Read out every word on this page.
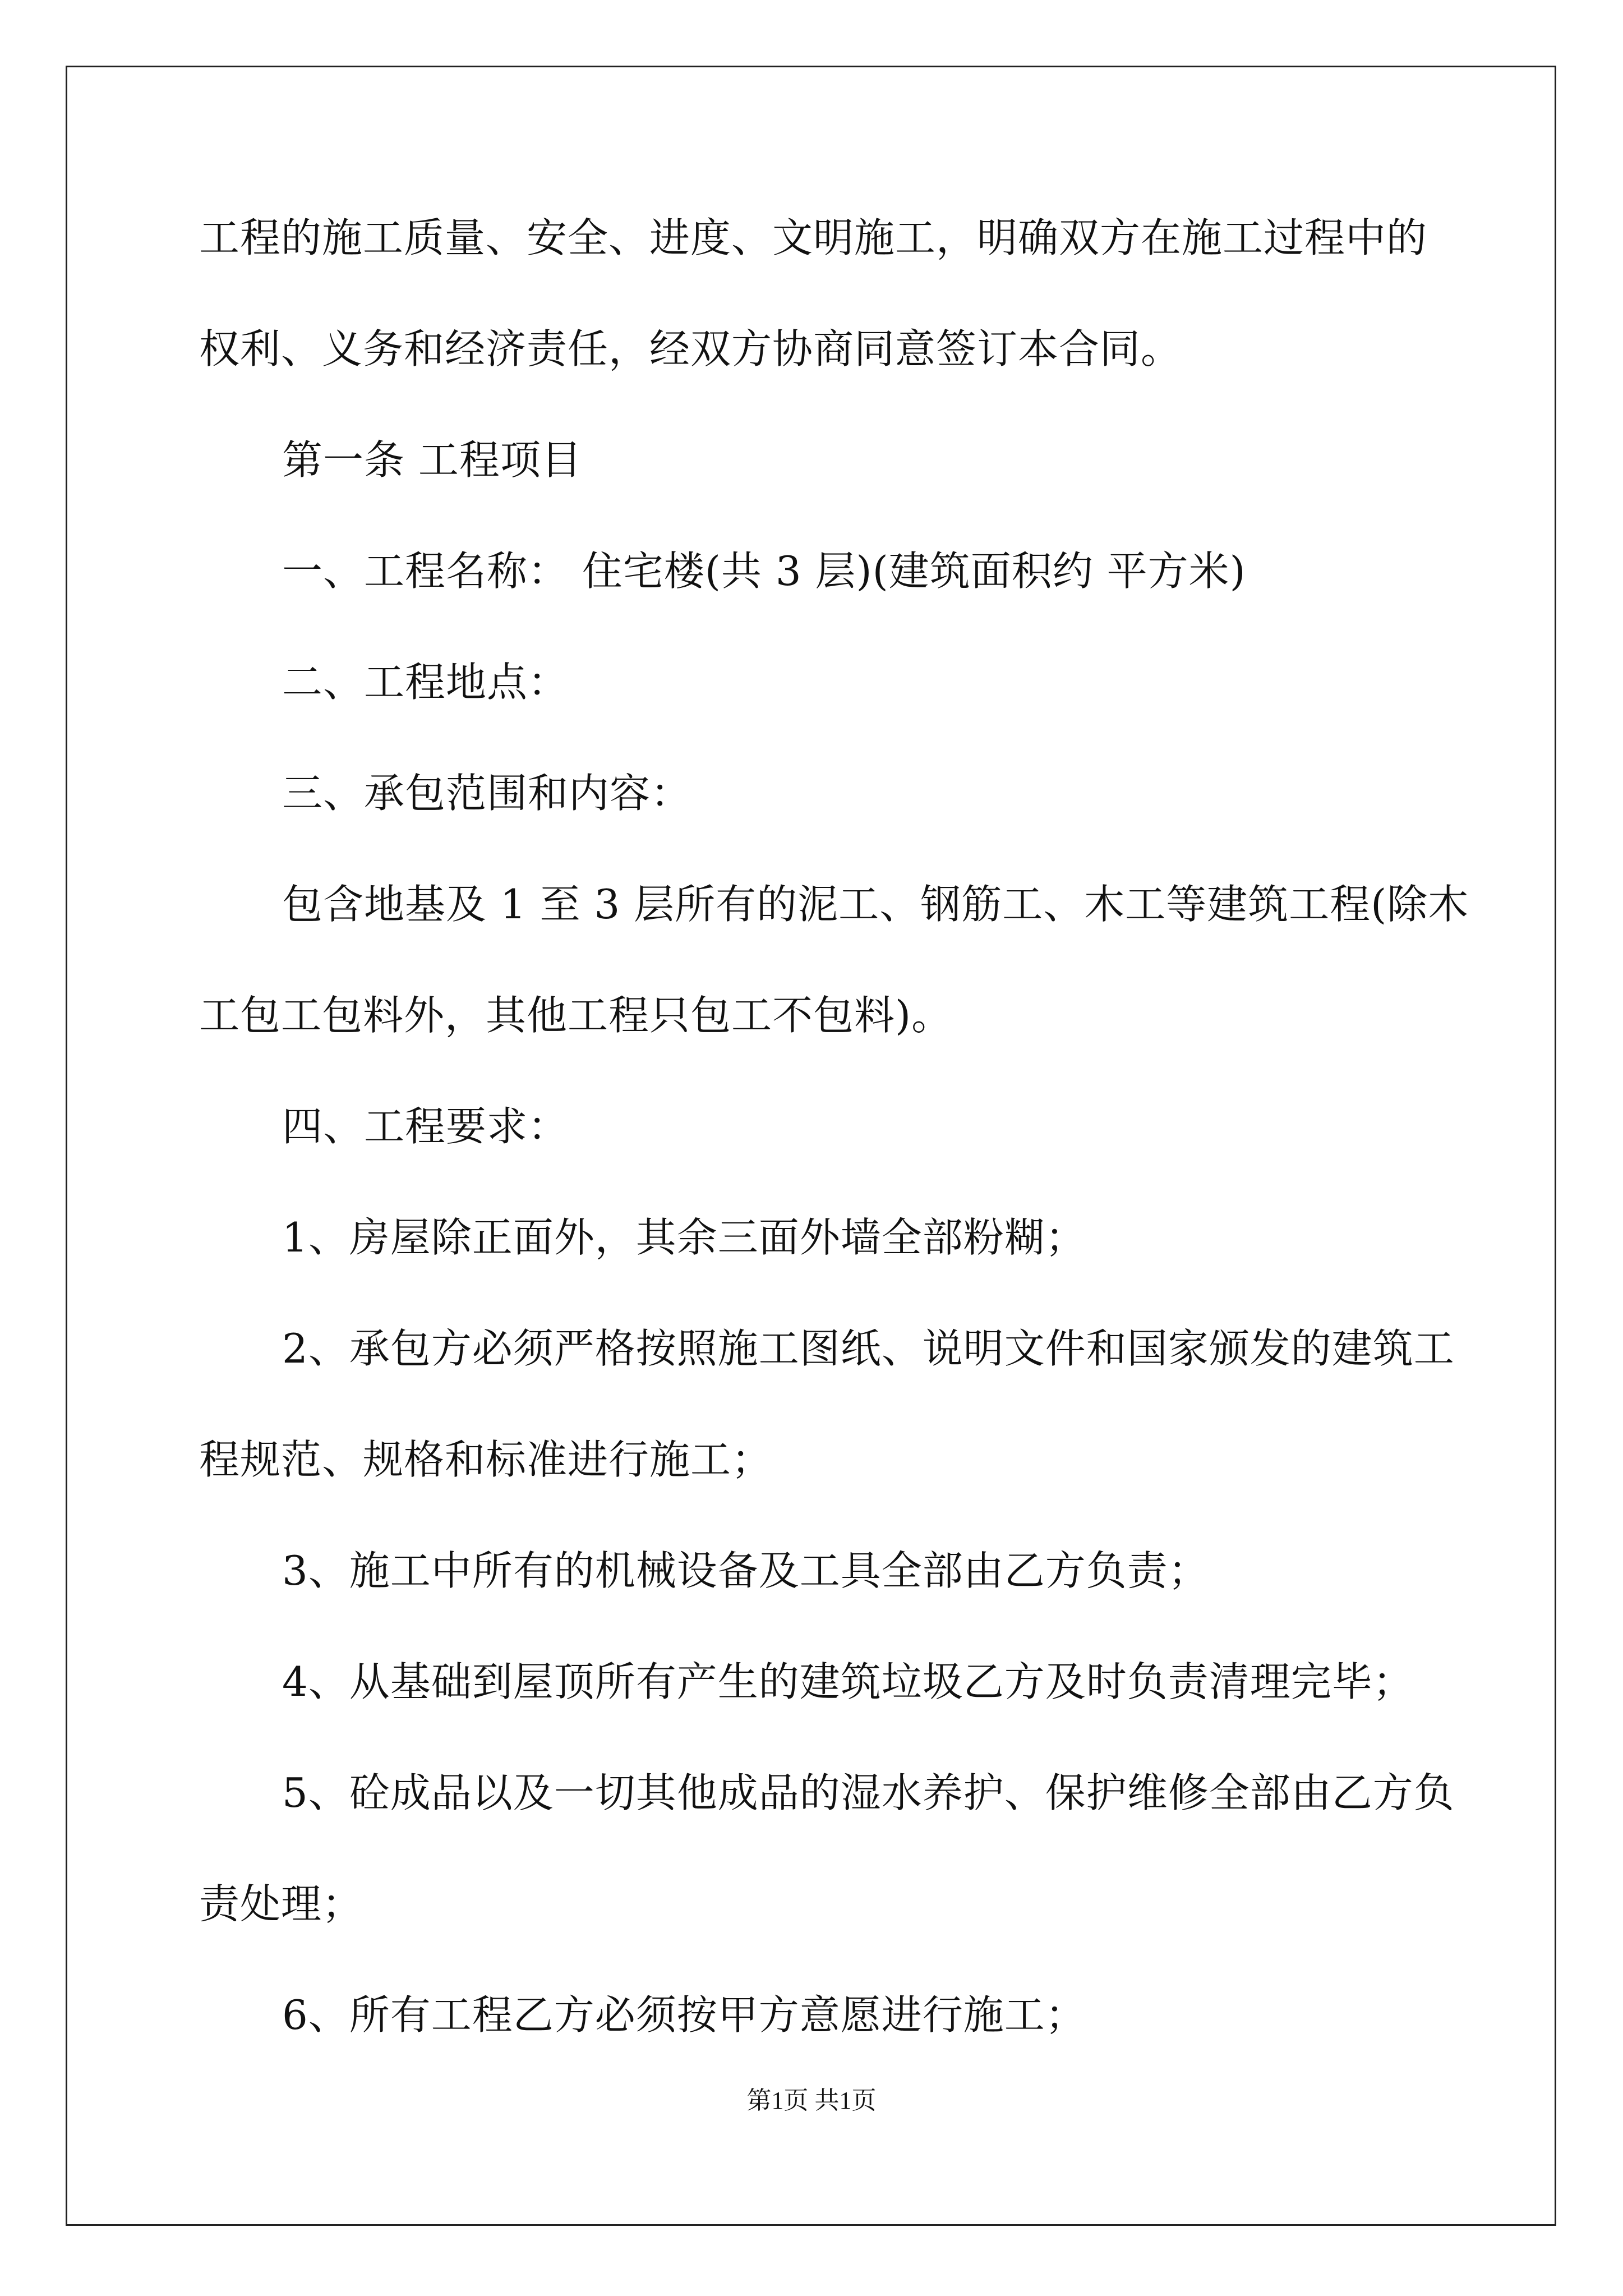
工程的施工质量、安全、进度、文明施工，明确双方在施工过程中的
权利、义务和经济责任，经双方协商同意签订本合同。
第一条 工程项目
一、工程名称： 住宅楼(共 3 层)(建筑面积约 平方米)
二、工程地点：
三、承包范围和内容：
包含地基及 1 至 3 层所有的泥工、钢筋工、木工等建筑工程(除木
工包工包料外，其他工程只包工不包料)。
四、工程要求：
1、房屋除正面外，其余三面外墙全部粉糊；
2、承包方必须严格按照施工图纸、说明文件和国家颁发的建筑工
程规范、规格和标准进行施工；
3、施工中所有的机械设备及工具全部由乙方负责；
4、从基础到屋顶所有产生的建筑垃圾乙方及时负责清理完毕；
5、砼成品以及一切其他成品的湿水养护、保护维修全部由乙方负
责处理；
6、所有工程乙方必须按甲方意愿进行施工；
第1页 共1页
